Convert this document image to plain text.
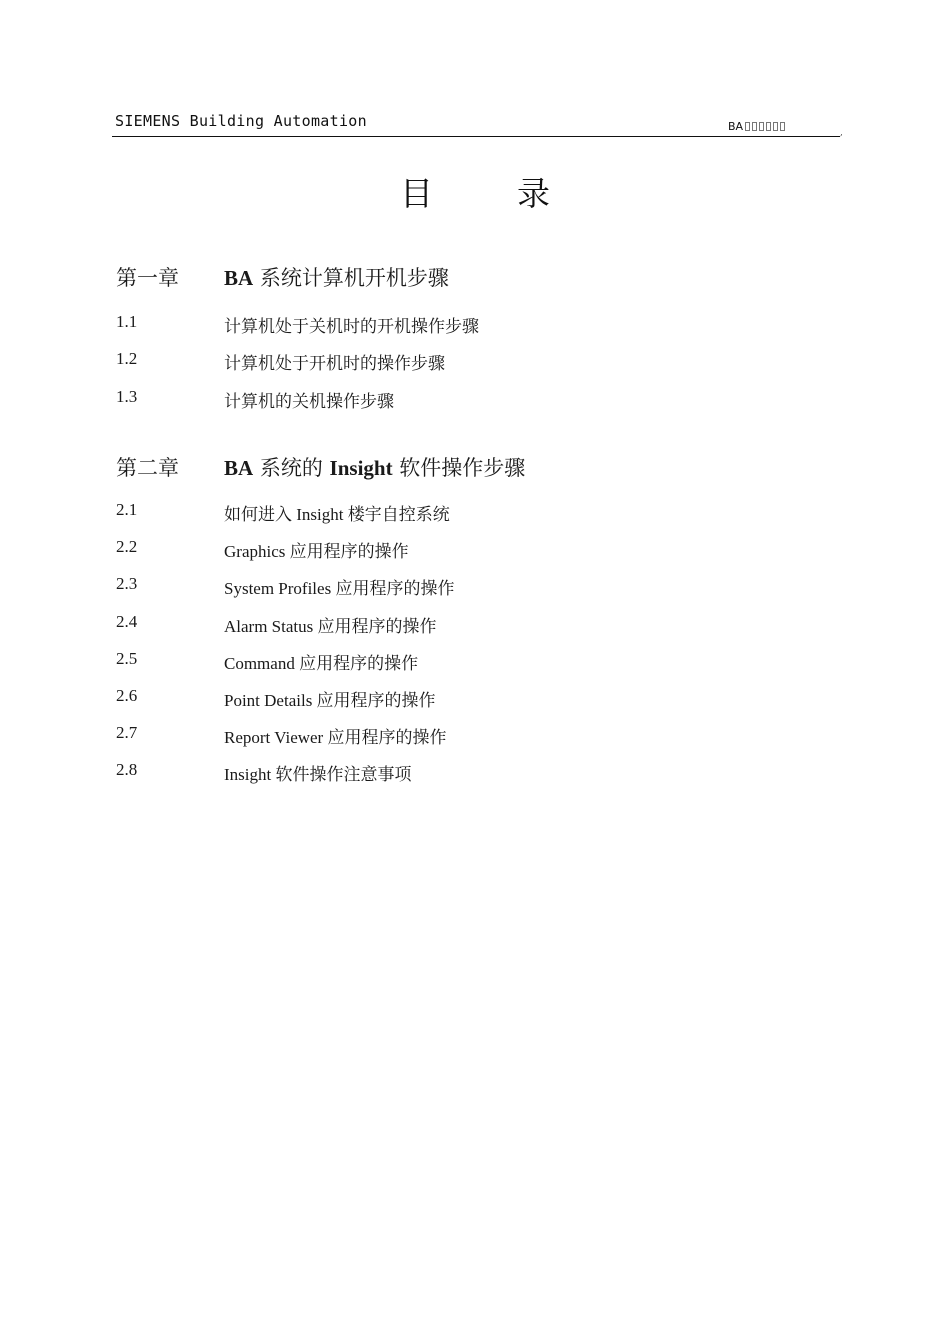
SIEMENS Building Automation	BA	,
目	录
第一章 BA 系统计算机开机步骤
1.1	计算机处于关机时的开机操作步骤
1.2	计算机处于开机时的操作步骤
1.3	计算机的关机操作步骤
第二章 BA 系统的 Insight 软件操作步骤
2.1	如何进入 Insight 楼宇自控系统
2.2	Graphics 应用程序的操作
2.3	System Profiles 应用程序的操作
2.4	Alarm Status 应用程序的操作
2.5	Command 应用程序的操作
2.6	Point Details 应用程序的操作
2.7	Report Viewer 应用程序的操作
2.8	Insight 软件操作注意事项
